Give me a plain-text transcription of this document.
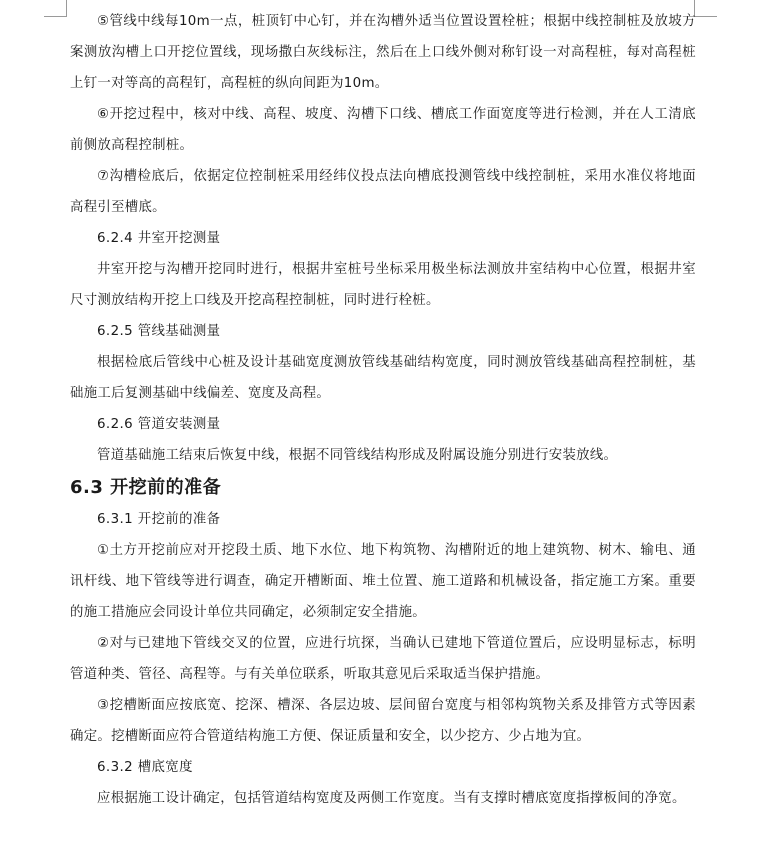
⑤管线中线每10m一点，桩顶钉中心钉，并在沟槽外适当位置设置栓桩；根据中线控制桩及放坡方案测放沟槽上口开挖位置线，现场撒白灰线标注，然后在上口线外侧对称钉设一对高程桩，每对高程桩上钉一对等高的高程钉，高程桩的纵向间距为10m。

⑥开挖过程中，核对中线、高程、坡度、沟槽下口线、槽底工作面宽度等进行检测，并在人工清底前侧放高程控制桩。

⑦沟槽检底后，依据定位控制桩采用经纬仪投点法向槽底投测管线中线控制桩，采用水准仪将地面高程引至槽底。

6.2.4 井室开挖测量

井室开挖与沟槽开挖同时进行，根据井室桩号坐标采用极坐标法测放井室结构中心位置，根据井室尺寸测放结构开挖上口线及开挖高程控制桩，同时进行栓桩。

6.2.5 管线基础测量

根据检底后管线中心桩及设计基础宽度测放管线基础结构宽度，同时测放管线基础高程控制桩，基础施工后复测基础中线偏差、宽度及高程。

6.2.6 管道安装测量

管道基础施工结束后恢复中线，根据不同管线结构形成及附属设施分别进行安装放线。

6.3 开挖前的准备

6.3.1 开挖前的准备

①土方开挖前应对开挖段土质、地下水位、地下构筑物、沟槽附近的地上建筑物、树木、输电、通讯杆线、地下管线等进行调查，确定开槽断面、堆土位置、施工道路和机械设备，指定施工方案。重要的施工措施应会同设计单位共同确定，必须制定安全措施。

②对与已建地下管线交叉的位置，应进行坑探，当确认已建地下管道位置后，应设明显标志，标明管道种类、管径、高程等。与有关单位联系，听取其意见后采取适当保护措施。

③挖槽断面应按底宽、挖深、槽深、各层边坡、层间留台宽度与相邻构筑物关系及排管方式等因素确定。挖槽断面应符合管道结构施工方便、保证质量和安全，以少挖方、少占地为宜。

6.3.2 槽底宽度

应根据施工设计确定，包括管道结构宽度及两侧工作宽度。当有支撑时槽底宽度指撑板间的净宽。
